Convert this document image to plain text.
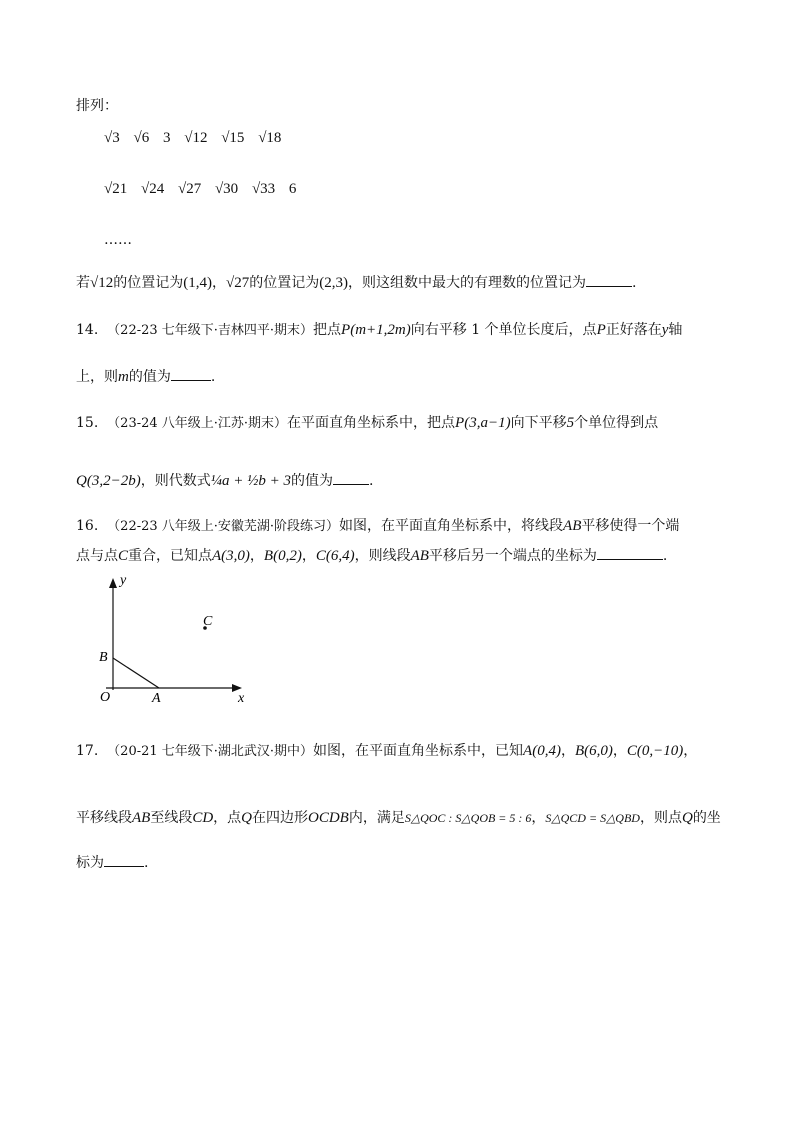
排列：
√3 √6 3 √12 √15 √18
√21 √24 √27 √30 √33 6
……
若√12的位置记为(1,4)，√27的位置记为(2,3)，则这组数中最大的有理数的位置记为	.
14. （22-23 七年级下·吉林四平·期末）把点P(m+1,2m)向右平移 1 个单位长度后，点P正好落在y轴
上，则m的值为	.
15. （23-24 八年级上·江苏·期末）在平面直角坐标系中，把点P(3,a−1)向下平移5个单位得到点
Q(3,2−2b)，则代数式¼a + ½b + 3的值为	.
16. （22-23 八年级上·安徽芜湖·阶段练习）如图，在平面直角坐标系中，将线段AB平移使得一个端
点与点C重合，已知点A(3,0)，B(0,2)，C(6,4)，则线段AB平移后另一个端点的坐标为	.
y
x
O	A
B
C
17. （20-21 七年级下·湖北武汉·期中）如图，在平面直角坐标系中，已知A(0,4)，B(6,0)，C(0,−10)，
平移线段AB至线段CD，点Q在四边形OCDB内，满足S△QOC : S△QOB = 5 : 6，S△QCD = S△QBD，则点Q的坐
标为	.
